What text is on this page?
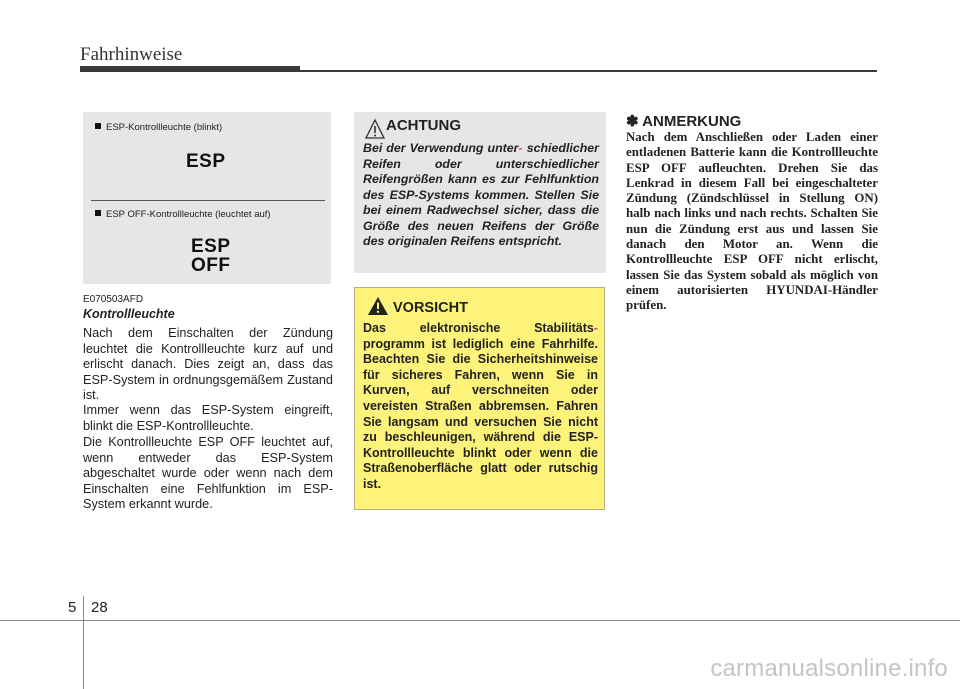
Fahrhinweise
ESP-Kontrollleuchte (blinkt)
ESP
ESP OFF-Kontrollleuchte (leuchtet auf)
ESP
OFF
E070503AFD
Kontrollleuchte
Nach dem Einschalten der Zündung leuchtet die Kontrollleuchte kurz auf und erlischt danach. Dies zeigt an, dass das ESP-System in ordnungsgemäßem Zustand ist.
Immer wenn das ESP-System eingreift, blinkt die ESP-Kontrollleuchte.
Die Kontrollleuchte ESP OFF leuchtet auf, wenn entweder das ESP-System abgeschaltet wurde oder wenn nach dem Einschalten eine Fehlfunktion im ESP-System erkannt wurde.
ACHTUNG
Bei der Verwendung unter- schiedlicher Reifen oder unterschiedlicher Reifengrößen kann es zur Fehlfunktion des ESP-Systems kommen. Stellen Sie bei einem Radwechsel sicher, dass die Größe des neuen Reifens der Größe des originalen Reifens entspricht.
VORSICHT
Das elektronische Stabilitäts- programm ist lediglich eine Fahrhilfe. Beachten Sie die Sicherheitshinweise für sicheres Fahren, wenn Sie in Kurven, auf verschneiten oder vereisten Straßen abbremsen. Fahren Sie langsam und versuchen Sie nicht zu beschleunigen, während die ESP-Kontrollleuchte blinkt oder wenn die Straßenoberfläche glatt oder rutschig ist.
✽ ANMERKUNG
Nach dem Anschließen oder Laden einer entladenen Batterie kann die Kontrollleuchte ESP OFF aufleuchten. Drehen Sie das Lenkrad in diesem Fall bei eingeschalteter Zündung (Zündschlüssel in Stellung ON) halb nach links und nach rechts. Schalten Sie nun die Zündung erst aus und lassen Sie danach den Motor an. Wenn die Kontrollleuchte ESP OFF nicht erlischt, lassen Sie das System sobald als möglich von einem autorisierten HYUNDAI-Händler prüfen.
5 28
carmanualsonline.info
